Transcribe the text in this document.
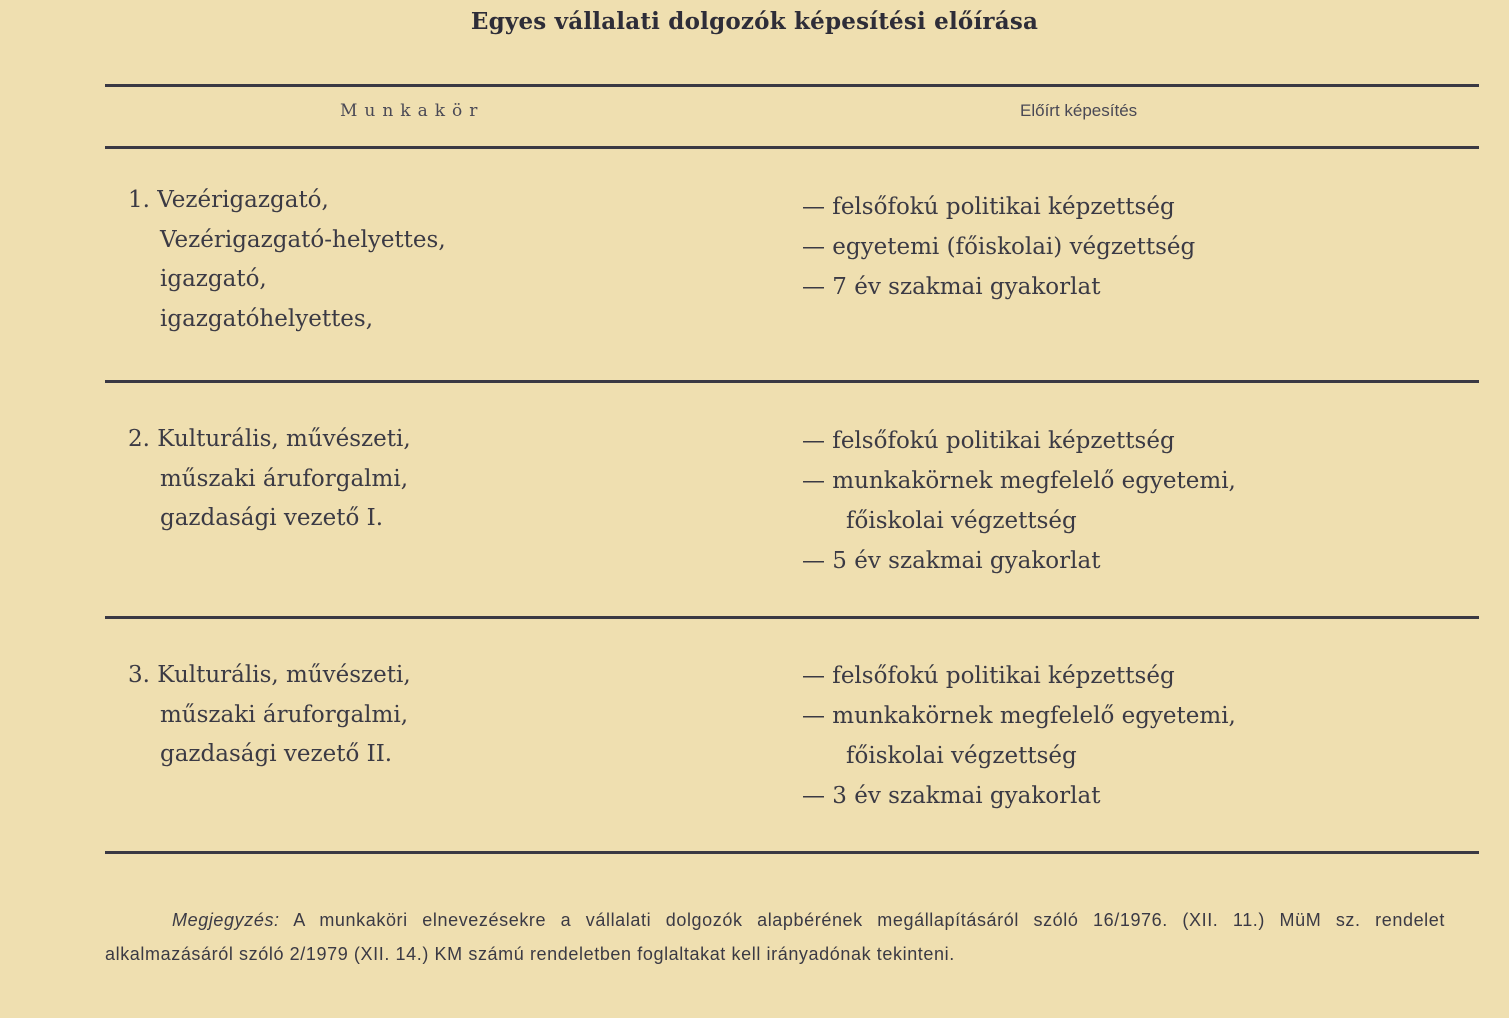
Egyes vállalati dolgozók képesítési előírása
Munkakör	Előírt képesítés
1. Vezérigazgató,
Vezérigazgató-helyettes,
igazgató,
igazgatóhelyettes,
— felsőfokú politikai képzettség
— egyetemi (főiskolai) végzettség
— 7 év szakmai gyakorlat
2. Kulturális, művészeti,
műszaki áruforgalmi,
gazdasági vezető I.
— felsőfokú politikai képzettség
— munkakörnek megfelelő egyetemi,
főiskolai végzettség
— 5 év szakmai gyakorlat
3. Kulturális, művészeti,
műszaki áruforgalmi,
gazdasági vezető II.
— felsőfokú politikai képzettség
— munkakörnek megfelelő egyetemi,
főiskolai végzettség
— 3 év szakmai gyakorlat
Megjegyzés: A munkaköri elnevezésekre a vállalati dolgozók alapbérének megállapításáról szóló 16/1976. (XII. 11.) MüM sz. rendelet alkalmazásáról szóló 2/1979 (XII. 14.) KM számú rendeletben foglaltakat kell irányadónak tekinteni.
